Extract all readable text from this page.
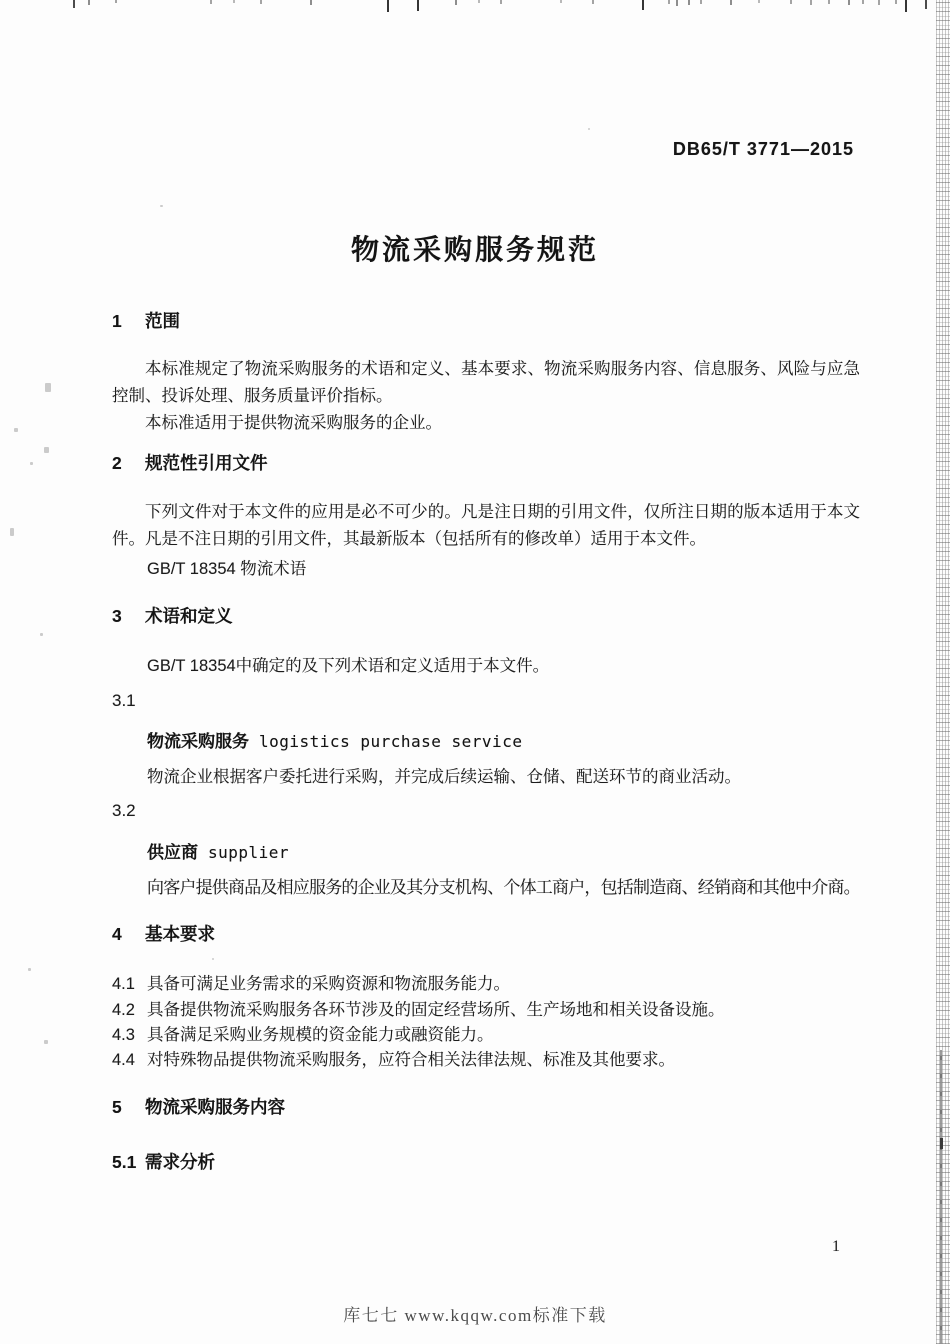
DB65/T 3771—2015
物流采购服务规范
1 范围
本标准规定了物流采购服务的术语和定义、基本要求、物流采购服务内容、信息服务、风险与应急控制、投诉处理、服务质量评价指标。
本标准适用于提供物流采购服务的企业。
2 规范性引用文件
下列文件对于本文件的应用是必不可少的。凡是注日期的引用文件，仅所注日期的版本适用于本文件。凡是不注日期的引用文件，其最新版本（包括所有的修改单）适用于本文件。
GB/T 18354 物流术语
3 术语和定义
GB/T 18354中确定的及下列术语和定义适用于本文件。
3.1
物流采购服务 logistics purchase service
物流企业根据客户委托进行采购，并完成后续运输、仓储、配送环节的商业活动。
3.2
供应商 supplier
向客户提供商品及相应服务的企业及其分支机构、个体工商户，包括制造商、经销商和其他中介商。
4 基本要求
4.1 具备可满足业务需求的采购资源和物流服务能力。
4.2 具备提供物流采购服务各环节涉及的固定经营场所、生产场地和相关设备设施。
4.3 具备满足采购业务规模的资金能力或融资能力。
4.4 对特殊物品提供物流采购服务，应符合相关法律法规、标准及其他要求。
5 物流采购服务内容
5.1 需求分析
1
库七七 www.kqqw.com标准下载
